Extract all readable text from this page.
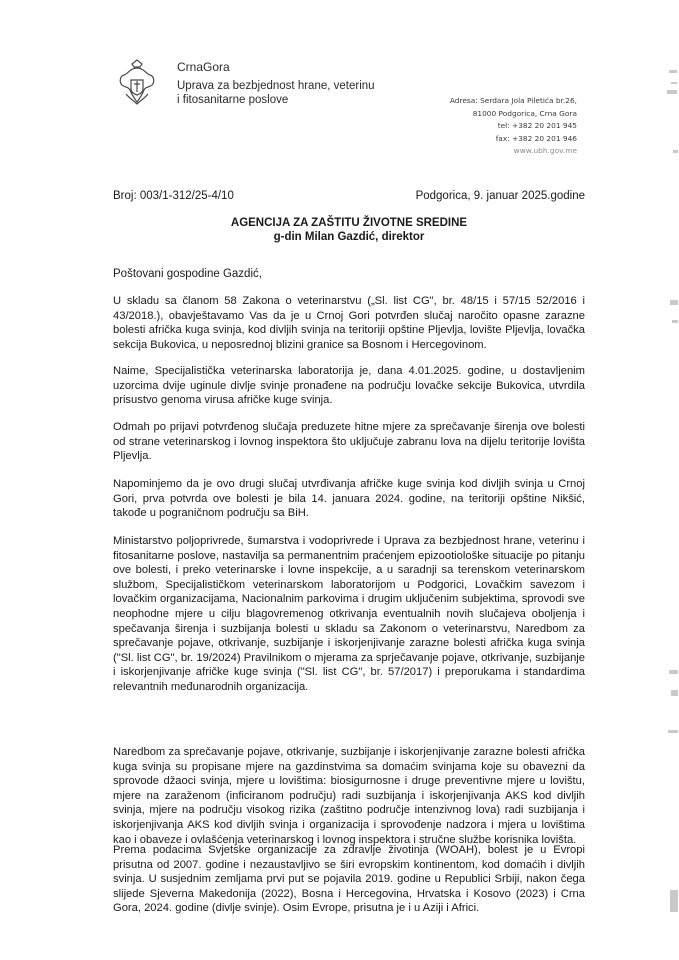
CrnaGora
Uprava za bezbjednost hrane, veterinu
i fitosanitarne poslove	Adresa: Serdara Jola Piletića br.26,
81000 Podgorica, Crna Gora
tel: +382 20 201 945
fax: +382 20 201 946
www.ubh.gov.me
Broj: 003/1-312/25-4/10	Podgorica, 9. januar 2025.godine
AGENCIJA ZA ZAŠTITU ŽIVOTNE SREDINE
g-din Milan Gazdić, direktor
Poštovani gospodine Gazdić,

U skladu sa članom 58 Zakona o veterinarstvu („Sl. list CG", br. 48/15 i 57/15 52/2016 i 43/2018.), obavještavamo Vas da je u Crnoj Gori potvrđen slučaj naročito opasne zarazne bolesti afrička kuga svinja, kod divljih svinja na teritoriji opštine Pljevlja, lovište Pljevlja, lovačka sekcija Bukovica, u neposrednoj blizini granice sa Bosnom i Hercegovinom.

Naime, Specijalistička veterinarska laboratorija je, dana 4.01.2025. godine, u dostavljenim uzorcima dvije uginule divlje svinje pronađene na području lovačke sekcije Bukovica, utvrdila prisustvo genoma virusa afričke kuge svinja.

Odmah po prijavi potvrđenog slučaja preduzete hitne mjere za sprečavanje širenja ove bolesti od strane veterinarskog i lovnog inspektora što uključuje zabranu lova na dijelu teritorije lovišta Pljevlja.

Napominjemo da je ovo drugi slučaj utvrđivanja afričke kuge svinja kod divljih svinja u Crnoj Gori, prva potvrda ove bolesti je bila 14. januara 2024. godine, na teritoriji opštine Nikšić, takođe u pograničnom području sa BiH.

Ministarstvo poljoprivrede, šumarstva i vodoprivrede i Uprava za bezbjednost hrane, veterinu i fitosanitarne poslove, nastavilja sa permanentnim praćenjem epizootiološke situacije po pitanju ove bolesti, i preko veterinarske i lovne inspekcije, a u saradnji sa terenskom veterinarskom službom, Specijalističkom veterinarskom laboratorijom u Podgorici, Lovačkim savezom i lovačkim organizacijama, Nacionalnim parkovima i drugim uključenim subjektima, sprovodi sve neophodne mjere u cilju blagovremenog otkrivanja eventualnih novih slučajeva oboljenja i spečavanja širenja i suzbijanja bolesti u skladu sa Zakonom o veterinarstvu, Naredbom za sprečavanje pojave, otkrivanje, suzbijanje i iskorjenjivanje zarazne bolesti afrička kuga svinja ("Sl. list CG", br. 19/2024) Pravilnikom o mjerama za sprječavanje pojave, otkrivanje, suzbijanje i iskorjenjivanje afričke kuge svinja ("Sl. list CG", br. 57/2017) i preporukama i standardima relevantnih međunarodnih organizacija.

Naredbom za sprečavanje pojave, otkrivanje, suzbijanje i iskorjenjivanje zarazne bolesti afrička kuga svinja su propisane mjere na gazdinstvima sa domaćim svinjama koje su obavezni da sprovode džaoci svinja, mjere u lovištima: biosigurnosne i druge preventivne mjere u lovištu, mjere na zaraženom (inficiranom području) radi suzbijanja i iskorjenjivanja AKS kod divljih svinja, mjere na području visokog rizika (zaštitno područje intenzivnog lova) radi suzbijanja i iskorjenjivanja AKS kod divljih svinja i organizacija i sprovođenje nadzora i mjera u lovištima kao i obaveze i ovlašćenja veterinarskog i lovnog inspektora i stručne službe korisnika lovišta.

Prema podacima Svjetske organizacije za zdravlje životinja (WOAH), bolest je u Evropi prisutna od 2007. godine i nezaustavljivo se širi evropskim kontinentom, kod domaćih i divljih svinja. U susjednim zemljama prvi put se pojavila 2019. godine u Republici Srbiji, nakon čega slijede Sjeverna Makedonija (2022), Bosna i Hercegovina, Hrvatska i Kosovo (2023) i Crna Gora, 2024. godine (divlje svinje). Osim Evrope, prisutna je i u Aziji i Africi.
